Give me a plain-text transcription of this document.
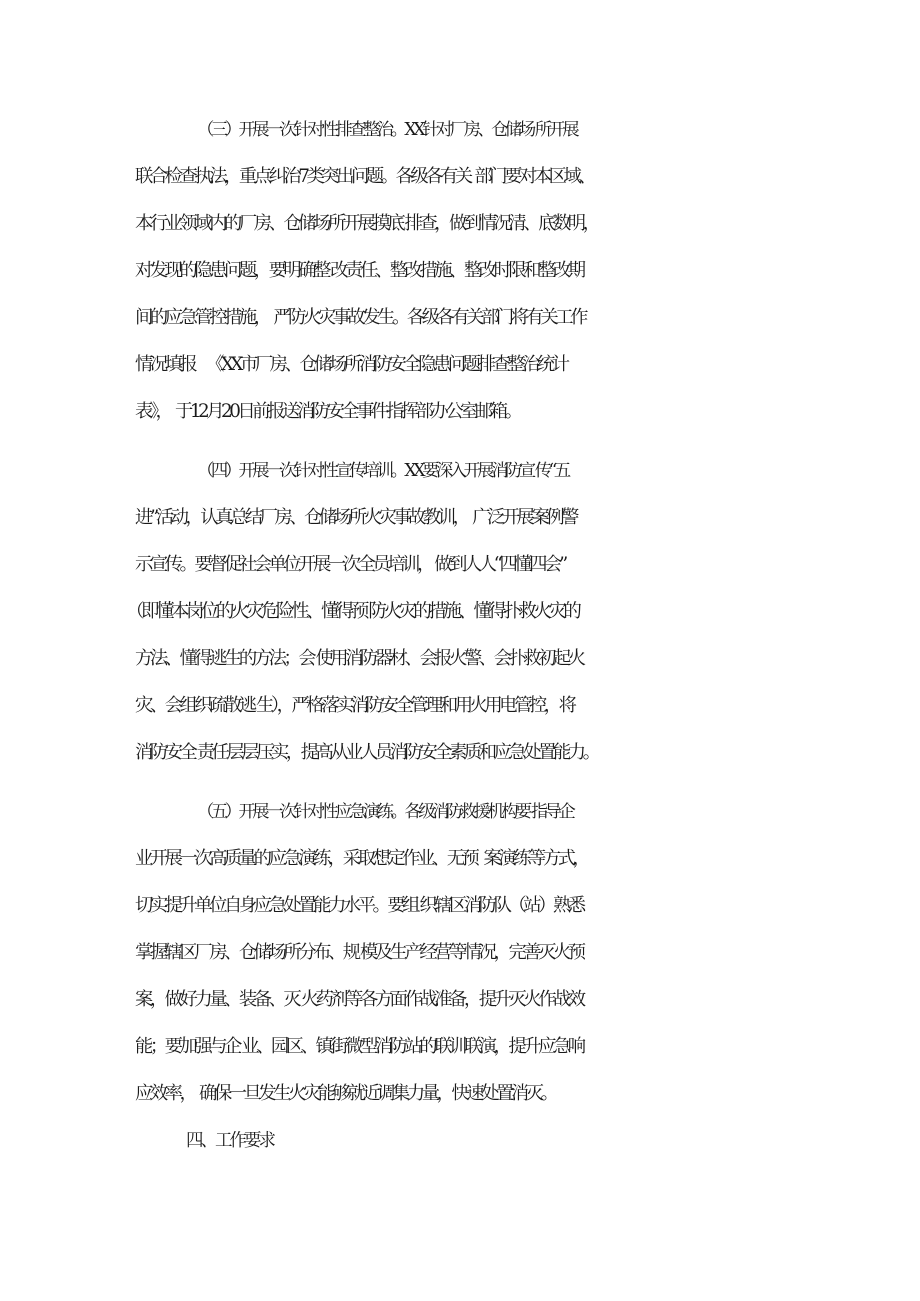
（三）开展一次针对性排查整治。XX针对厂房、仓储场 所开展
联合检查执法，重点纠治7类突出问题。各级各有关  部门要对本区域、
本行业领域内的厂房、仓储场所开展摸底 排查，做到情况清、底数明，
对发现的隐患问题，要明确整 改责任、整改措施、整改时限和整改期
间的应急管控措施，  严防火灾事故发生。各级各有关部门将有关工作
情况填报     《XX市厂房、仓储场所消防安全隐患问题排查整治统计
表》，  于12月20日前报送消防安全事件指挥部办公室邮箱。
（四）开展一次针对性宣传培训。XX要深入开展消防宣 传“五
进”活动，认真总结厂房、仓储场所火灾事故教训，  广泛开展案例警
示宣传。要督促社会单位开展一次全员培训， 做到人人“四懂四会”
（即懂本岗位的火灾危险性、懂得预 防火灾的措施、懂得扑救火灾的
方法、懂得逃生的方法；会 使用消防器材、会报火警、会扑救初起火
灾、会组织疏散逃 生），严格落实消防安全管理和用火用电管控，将
消防安全 责任层层压实，提高从业人员消防安全素质和应急处置能力。
（五）开展一次针对性应急演练。各级消防救援机构要 指导企
业开展一次高质量的应急演练，采取想定作业、无预   案演练等方式，
切实提升单位自身应急处置能力水平。要组 织辖区消防队（站）熟悉
掌握辖区厂房、仓储场所分布、规 模及生产经营等情况，完善灭火预
案，做好力量、装备、灭 火药剂等各方面作战准备，提升灭火作战效
能；要加强与企 业、园区、镇街微型消防站的联训联演，提升应急响
应效率，  确保一旦发生火灾能够就近调集力量，快速处置消灭。
四、工作要求
